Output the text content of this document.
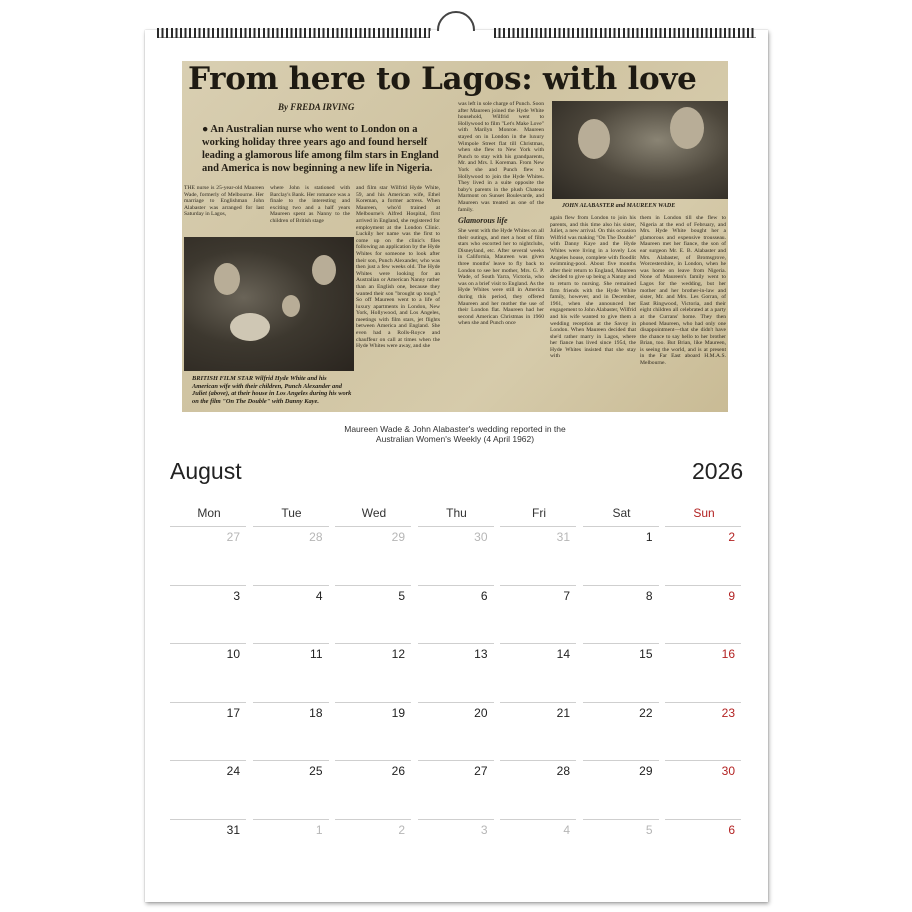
From here to Lagos: with love
By FREDA IRVING
● An Australian nurse who went to London on a working holiday three years ago and found herself leading a glamorous life among film stars in England and America is now beginning a new life in Nigeria.
BRITISH FILM STAR Wilfrid Hyde White and his American wife with their children, Punch Alexander and Juliet (above), at their house in Los Angeles during his work on the film "On The Double" with Danny Kaye.

THE nurse is 25-year-old Maureen Wade, formerly of Melbourne. Her marriage to Englishman John Alabaster was arranged for last Saturday in Lagos,

where John is stationed with Barclay's Bank. Her romance was a finale to the interesting and exciting two and a half years Maureen spent as Nanny to the children of British stage

and film star Wilfrid Hyde White, 59, and his American wife, Ethel Koreman, a former actress. When Maureen, who'd trained at Melbourne's Alfred Hospital, first arrived in England, she registered for employment at the London Clinic. Luckily her name was the first to come up on the clinic's files following an application by the Hyde Whites for someone to look after their son, Punch Alexander, who was then just a few weeks old. The Hyde Whites were looking for an Australian or American Nanny rather than an English one, because they wanted their son "brought up tough." So off Maureen went to a life of luxury apartments in London, New York, Hollywood, and Los Angeles, meetings with film stars, jet flights between America and England. She even had a Rolls-Royce and chauffeur on call at times when the Hyde Whites were away, and she

was left in sole charge of Punch. Soon after Maureen joined the Hyde White household, Wilfrid went to Hollywood to film "Let's Make Love" with Marilyn Monroe. Maureen stayed on in London in the luxury Wimpole Street flat till Christmas, when she flew to New York with Punch to stay with his grandparents, Mr. and Mrs. I. Koreman. From New York she and Punch flew to Hollywood to join the Hyde Whites. They lived in a suite opposite the baby's parents in the plush Chateau Marmont on Sunset Boulevarde, and Maureen was treated as one of the family.

Glamorous life

She went with the Hyde Whites on all their outings, and met a host of film stars who escorted her to nightclubs, Disneyland, etc. After several weeks in California, Maureen was given three months' leave to fly back to London to see her mother, Mrs. G. P. Wade, of South Yarra, Victoria, who was on a brief visit to England. As the Hyde Whites were still in America during this period, they offered Maureen and her mother the use of their London flat. Maureen had her second American Christmas in 1960 when she and Punch once

again flew from London to join his parents, and this time also his sister, Juliet, a new arrival. On this occasion Wilfrid was making "On The Double" with Danny Kaye and the Hyde Whites were living in a lovely Los Angeles house, complete with floodlit swimming-pool. About five months after their return to England, Maureen decided to give up being a Nanny and to return to nursing. She remained firm friends with the Hyde White family, however, and in December, 1961, when she announced her engagement to John Alabaster, Wilfrid and his wife wanted to give them a wedding reception at the Savoy in London. When Maureen decided that she'd rather marry in Lagos, where her fiance has lived since 1954, the Hyde Whites insisted that she stay with

them in London till she flew to Nigeria at the end of February, and Mrs. Hyde White bought her a glamorous and expensive trousseau. Maureen met her fiance, the son of ear surgeon Mr. E. B. Alabaster and Mrs. Alabaster, of Bromsgrove, Worcestershire, in London, when he was home on leave from Nigeria. None of Maureen's family went to Lagos for the wedding, but her mother and her brother-in-law and sister, Mr. and Mrs. Les Gorran, of East Ringwood, Victoria, and their eight children all celebrated at a party at the Currans' home. They then phoned Maureen, who had only one disappointment—that she didn't have the chance to say hello to her brother Brian, too. But Brian, like Maureen, is seeing the world, and is at present in the Far East aboard H.M.A.S. Melbourne.

JOHN ALABASTER and MAUREEN WADE
Maureen Wade & John Alabaster's wedding reported in the Australian Women's Weekly (4 April 1962)
August	2026
Mon	Tue	Wed	Thu	Fri	Sat	Sun
27	28	29	30	31	1	2
3	4	5	6	7	8	9
10	11	12	13	14	15	16
17	18	19	20	21	22	23
24	25	26	27	28	29	30
31	1	2	3	4	5	6
